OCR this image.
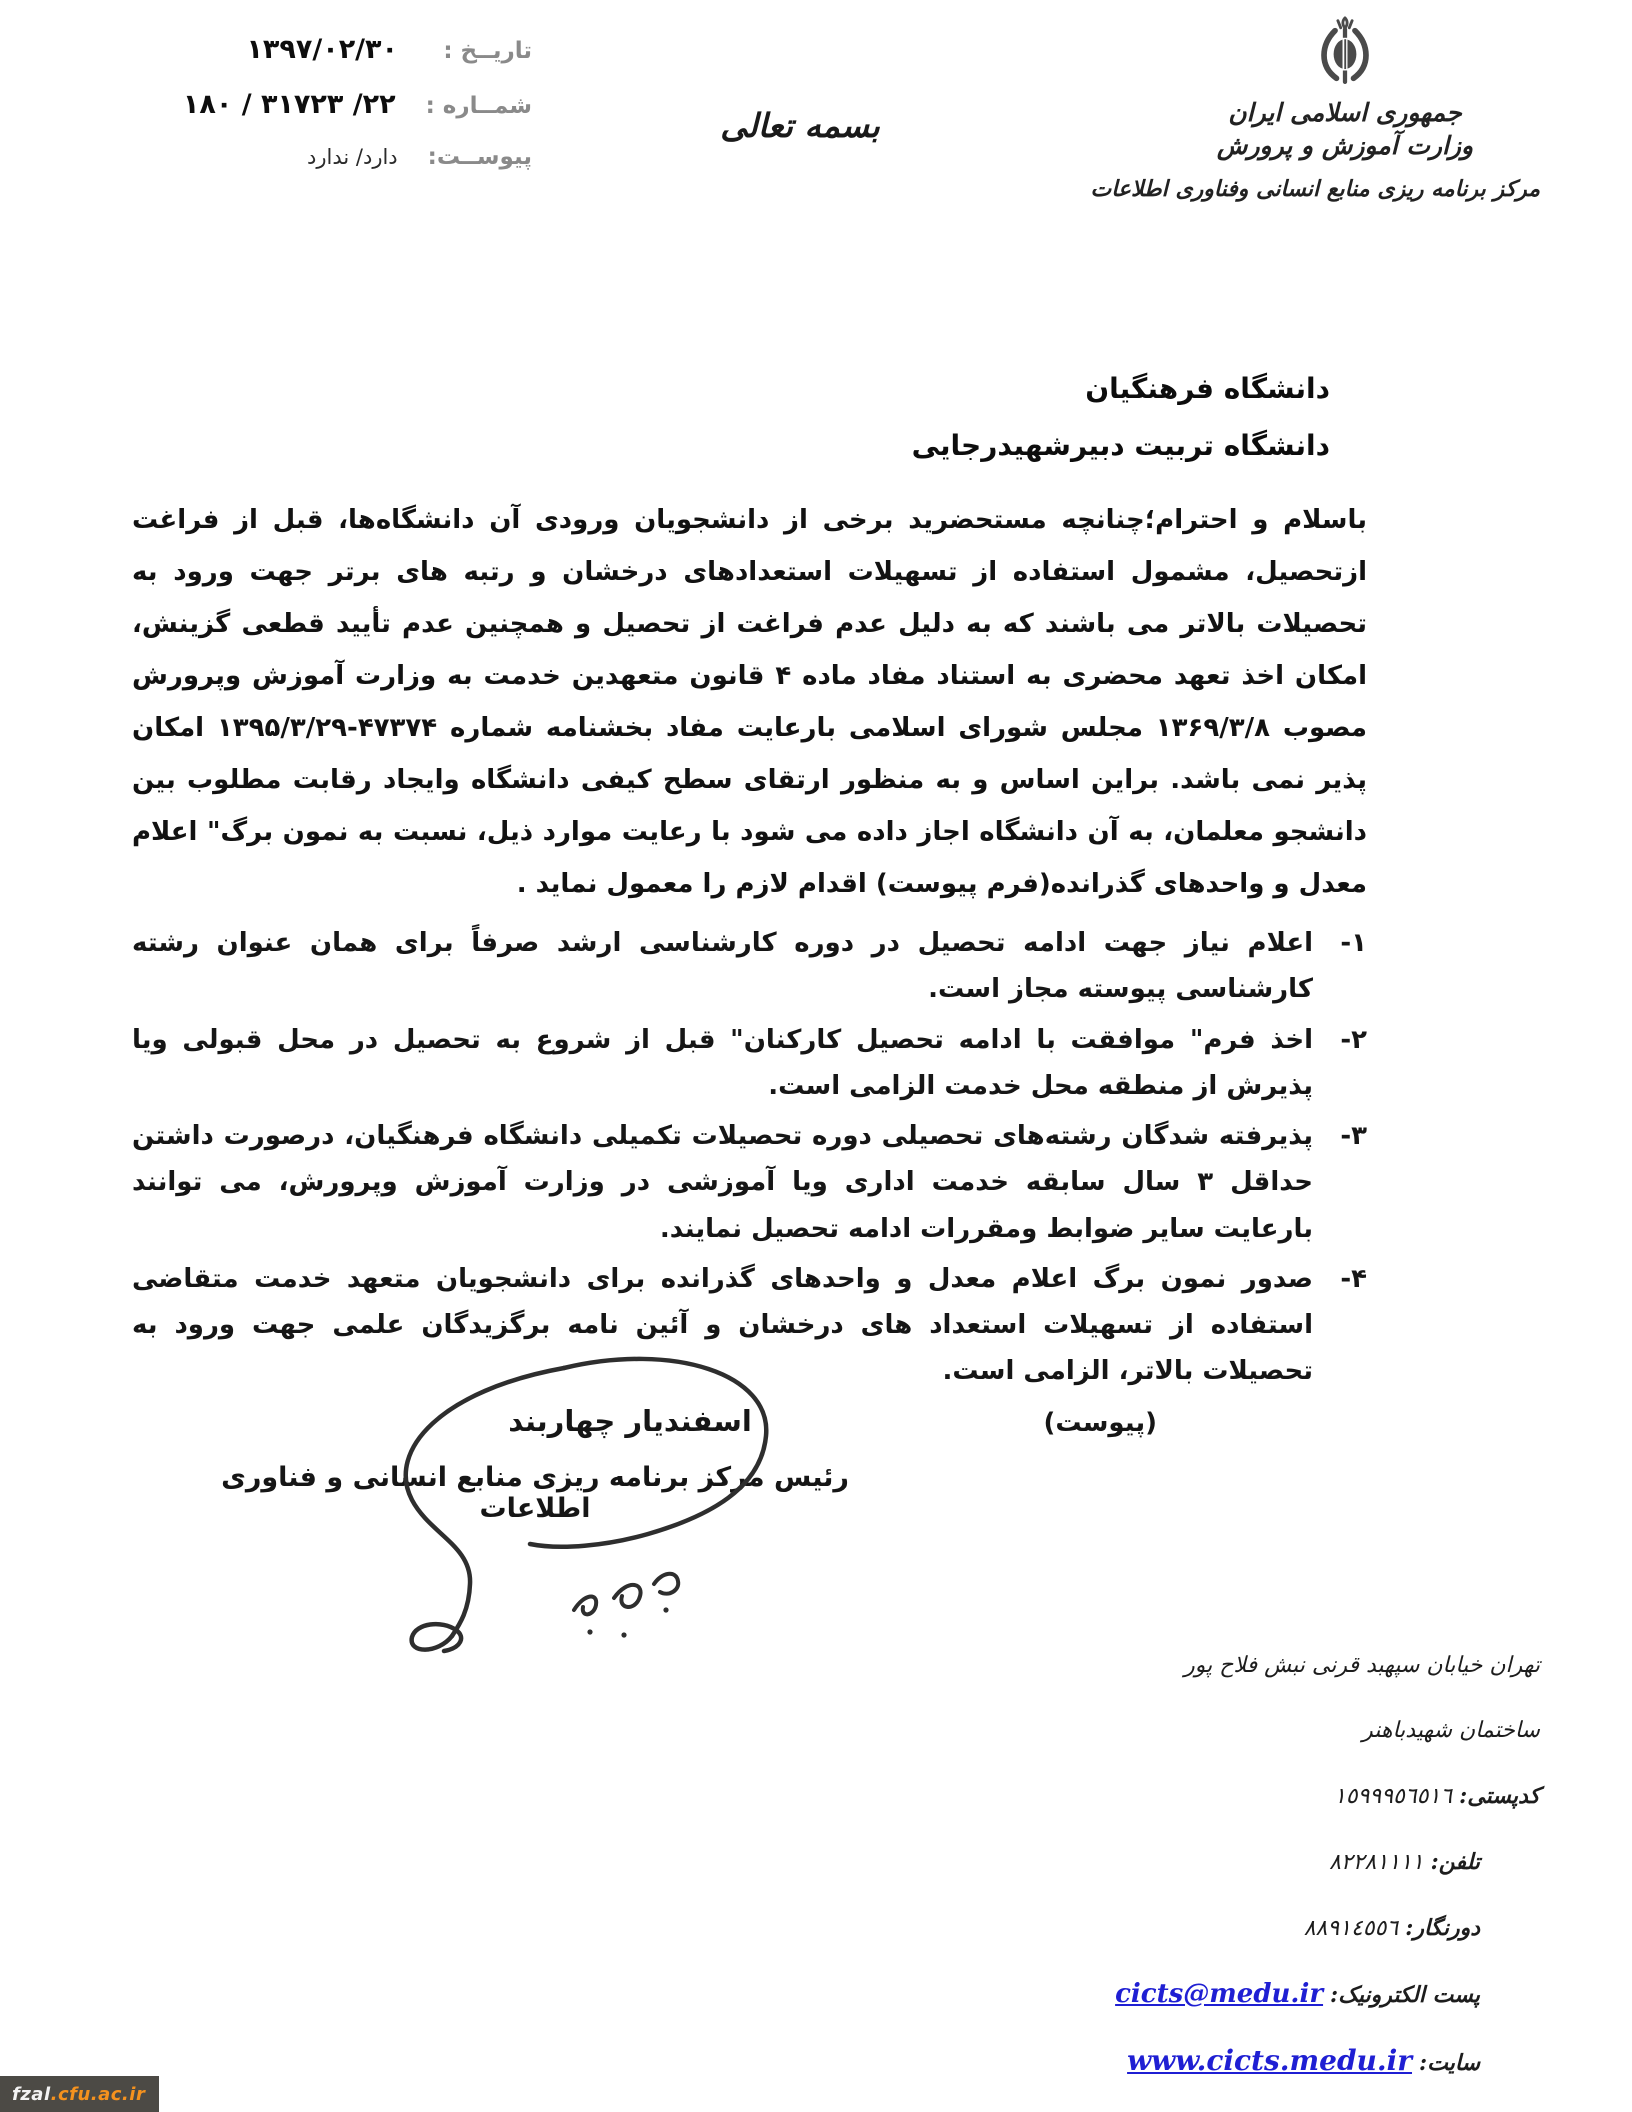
تاریــخ :
۱۳۹۷/۰۲/۳۰
شمــاره :
۱۸۰ / ۳۱۷۲۳ /۲۲
پیوســت:
دارد/ ندارد
بسمه تعالی	جمهوری اسلامی ایران
وزارت آموزش و پرورش
مرکز برنامه ریزی منابع انسانی وفناوری اطلاعات
دانشگاه فرهنگیان
دانشگاه تربیت دبیرشهیدرجایی

باسلام و احترام؛چنانچه مستحضرید برخی از دانشجویان ورودی آن دانشگاه‌ها، قبل از فراغت ازتحصیل، مشمول استفاده از تسهیلات استعدادهای درخشان و رتبه های برتر جهت ورود به تحصیلات بالاتر می باشند که به دلیل عدم فراغت از تحصیل و همچنین عدم تأیید قطعی گزینش، امکان اخذ تعهد محضری به استناد مفاد ماده ۴ قانون متعهدین خدمت به وزارت آموزش وپرورش مصوب ۱۳۶۹/۳/۸ مجلس شورای اسلامی بارعایت مفاد بخشنامه شماره ۴۷۳۷۴-۱۳۹۵/۳/۲۹ امکان پذیر نمی باشد. براین اساس و به منظور ارتقای سطح کیفی دانشگاه وایجاد رقابت مطلوب بین دانشجو معلمان، به آن دانشگاه اجاز داده می شود با رعایت موارد ذیل، نسبت به نمون برگ" اعلام معدل و واحدهای گذرانده(فرم پیوست) اقدام لازم را معمول نماید .

۱-
اعلام نیاز جهت ادامه تحصیل در دوره کارشناسی ارشد صرفاً برای همان عنوان رشته کارشناسی پیوسته مجاز است.
۲-
اخذ فرم" موافقت با ادامه تحصیل کارکنان" قبل از شروع به تحصیل در محل قبولی ویا پذیرش از منطقه محل خدمت الزامی است.
۳-
پذیرفته شدگان رشته‌های تحصیلی دوره تحصیلات تکمیلی دانشگاه فرهنگیان، درصورت داشتن حداقل ۳ سال سابقه خدمت اداری ویا آموزشی در وزارت آموزش وپرورش، می توانند بارعایت سایر ضوابط ومقررات ادامه تحصیل نمایند.
۴-
صدور نمون برگ اعلام معدل و واحدهای گذرانده برای دانشجویان متعهد خدمت متقاضی استفاده از تسهیلات استعداد های درخشان و آئین نامه برگزیدگان علمی جهت ورود به تحصیلات بالاتر، الزامی است.
(پیوست)
اسفندیار چهاربند
رئیس مرکز برنامه ریزی منابع انسانی و فناوری اطلاعات
تهران خیابان سپهبد قرنی نبش فلاح پور
ساختمان شهیدباهنر
کدپستی: ١٥٩٩٩٥٦٥١٦
تلفن: ٨٢٢٨١١١١
دورنگار: ٨٨٩١٤٥٥٦
پست الکترونیک: cicts@medu.ir
سایت: www.cicts.medu.ir
fzal .cfu.ac.ir
